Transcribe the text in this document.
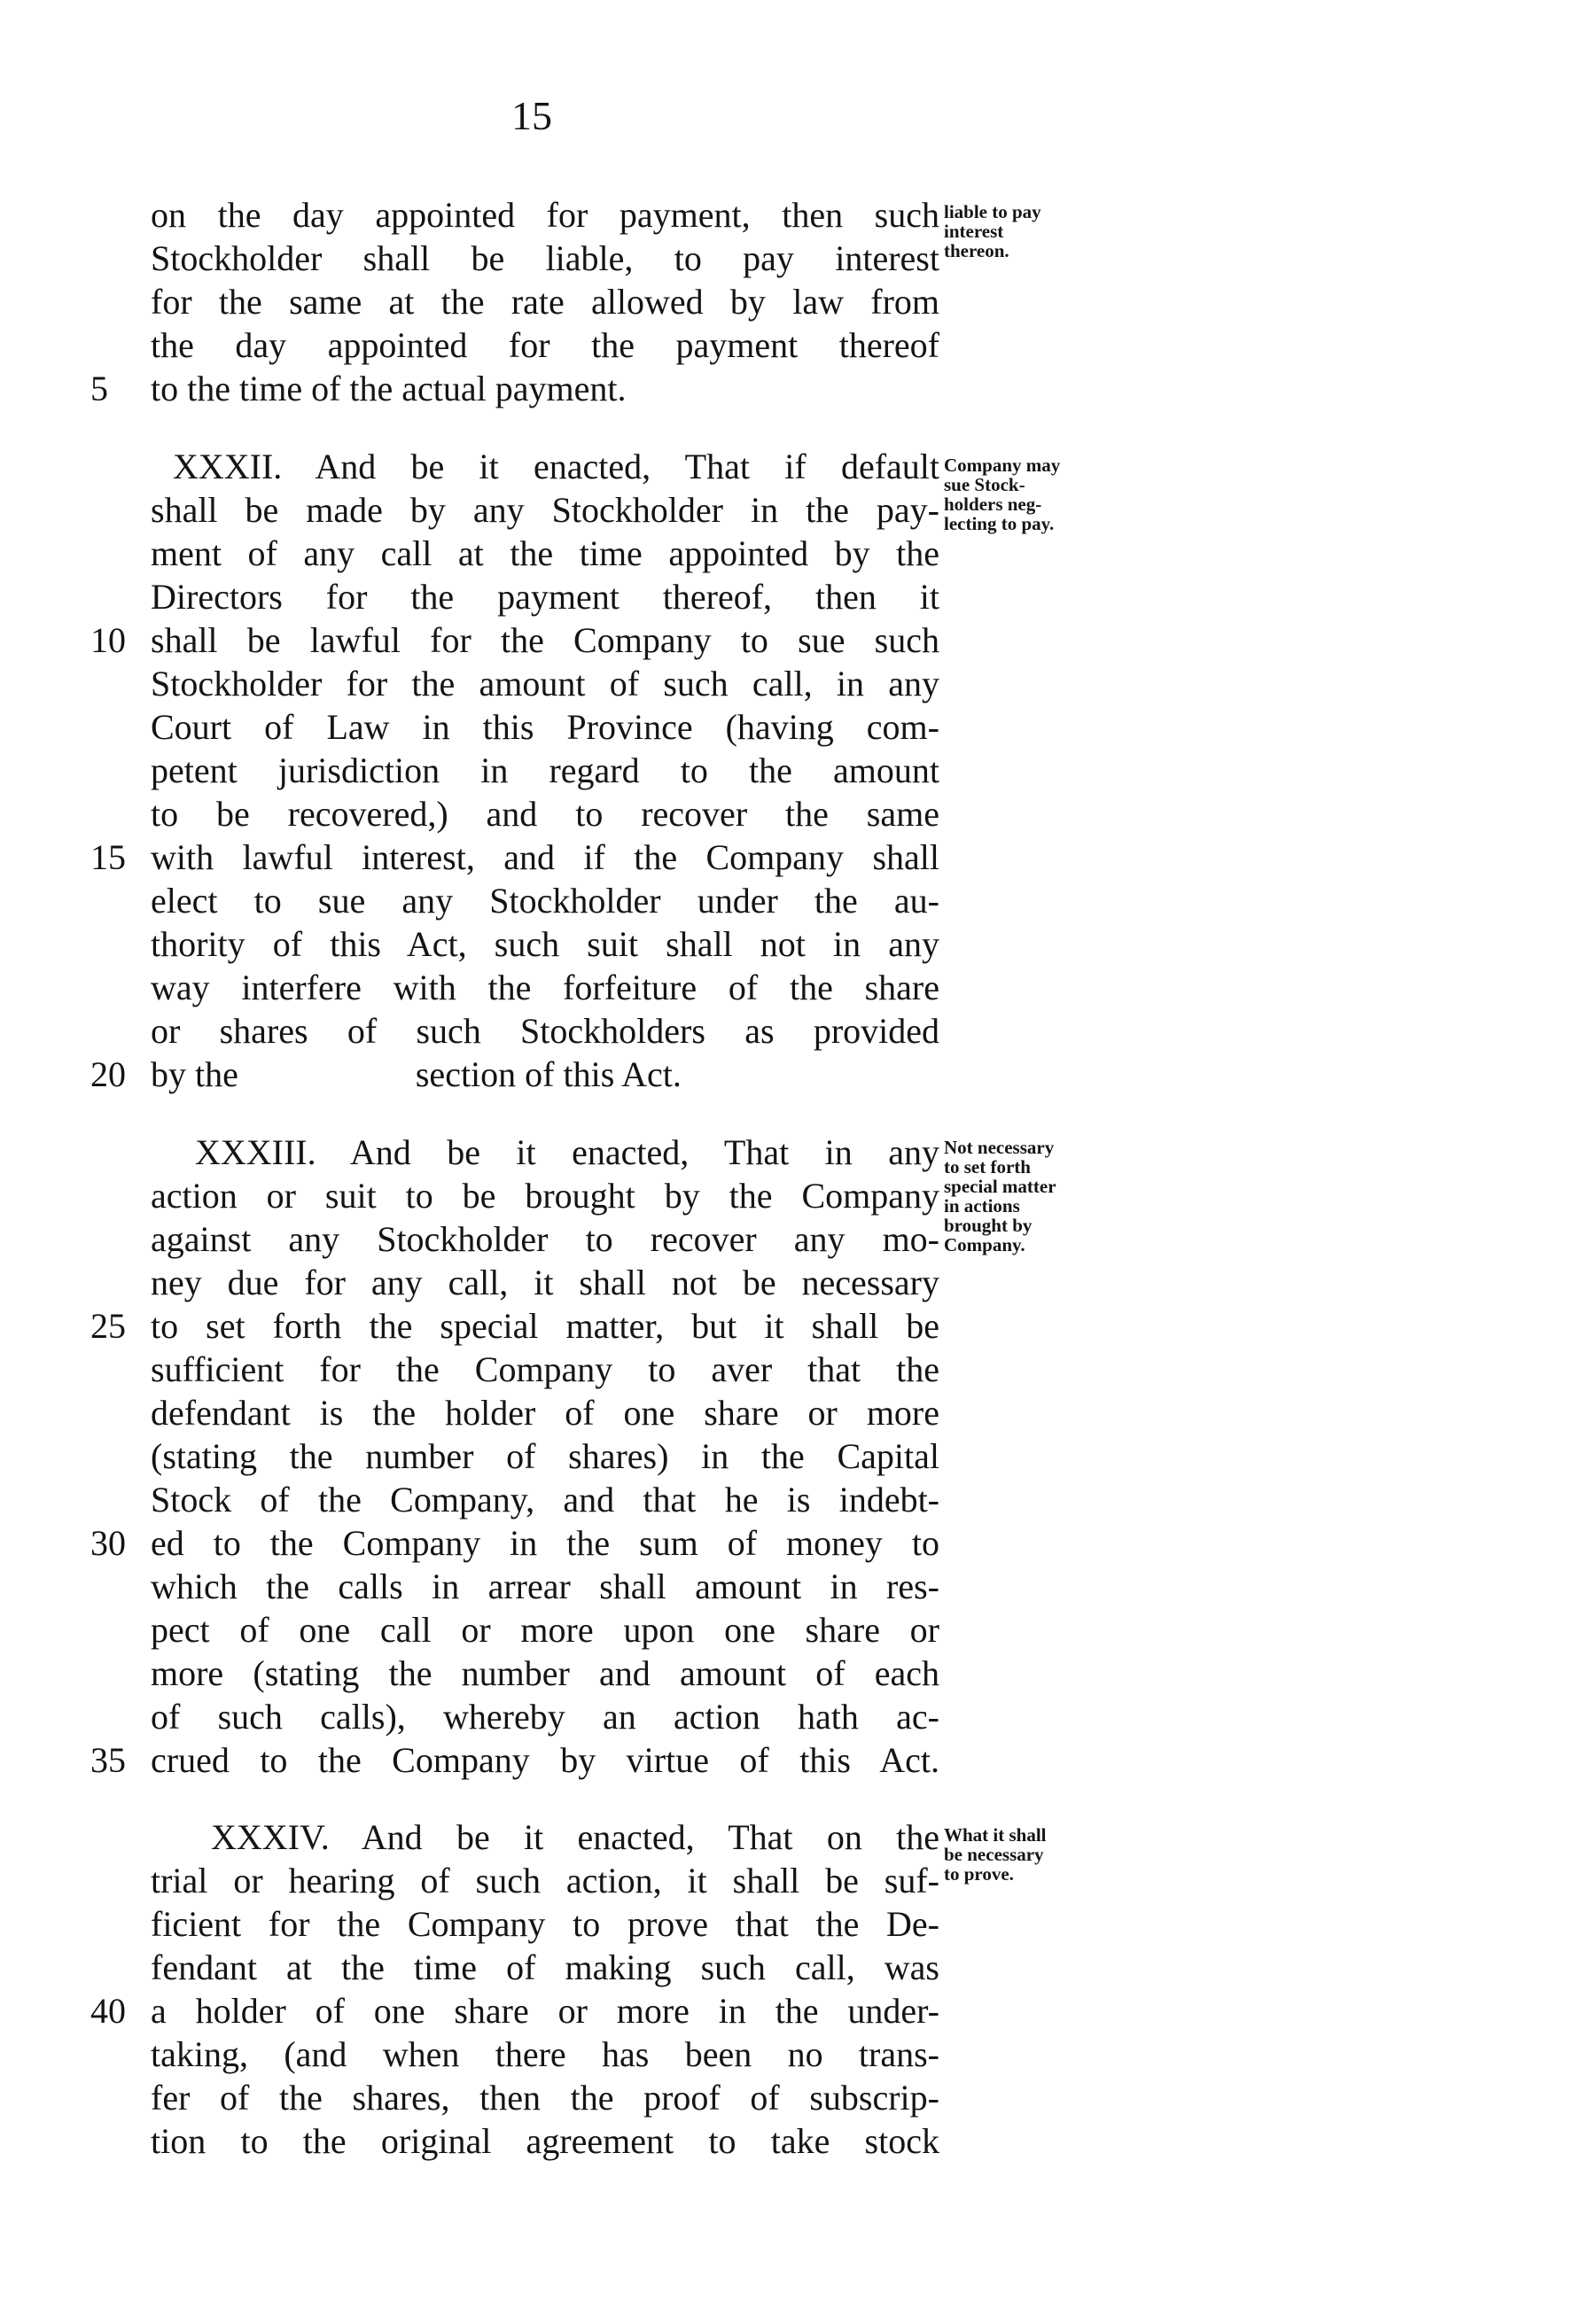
15
on the day appointed for payment, then such
Stockholder shall be liable, to pay interest
for the same at the rate allowed by law from
the day appointed for the payment thereof
to the time of the actual payment.
XXXII. And be it enacted, That if default
shall be made by any Stockholder in the pay-
ment of any call at the time appointed by the
Directors for the payment thereof, then it
shall be lawful for the Company to sue such
Stockholder for the amount of such call, in any
Court of Law in this Province (having com-
petent jurisdiction in regard to the amount
to be recovered,) and to recover the same
with lawful interest, and if the Company shall
elect to sue any Stockholder under the au-
thority of this Act, such suit shall not in any
way interfere with the forfeiture of the share
or shares of such Stockholders as provided
by the                    section of this Act.
XXXIII. And be it enacted, That in any
action or suit to be brought by the Company
against any Stockholder to recover any mo-
ney due for any call, it shall not be necessary
to set forth the special matter, but it shall be
sufficient for the Company to aver that the
defendant is the holder of one share or more
(stating the number of shares) in the Capital
Stock of the Company, and that he is indebt-
ed to the Company in the sum of money to
which the calls in arrear shall amount in res-
pect of one call or more upon one share or
more (stating the number and amount of each
of such calls), whereby an action hath ac-
crued to the Company by virtue of this Act.
XXXIV. And be it enacted, That on the
trial or hearing of such action, it shall be suf-
ficient for the Company to prove that the De-
fendant at the time of making such call, was
a holder of one share or more in the under-
taking, (and when there has been no trans-
fer of the shares, then the proof of subscrip-
tion to the original agreement to take stock
5
10
15
20
25
30
35
40
liable to pay
interest
thereon.
Company may
sue Stock-
holders neg-
lecting to pay.
Not necessary
to set forth
special matter
in actions
brought by
Company.
What it shall
be necessary
to prove.
